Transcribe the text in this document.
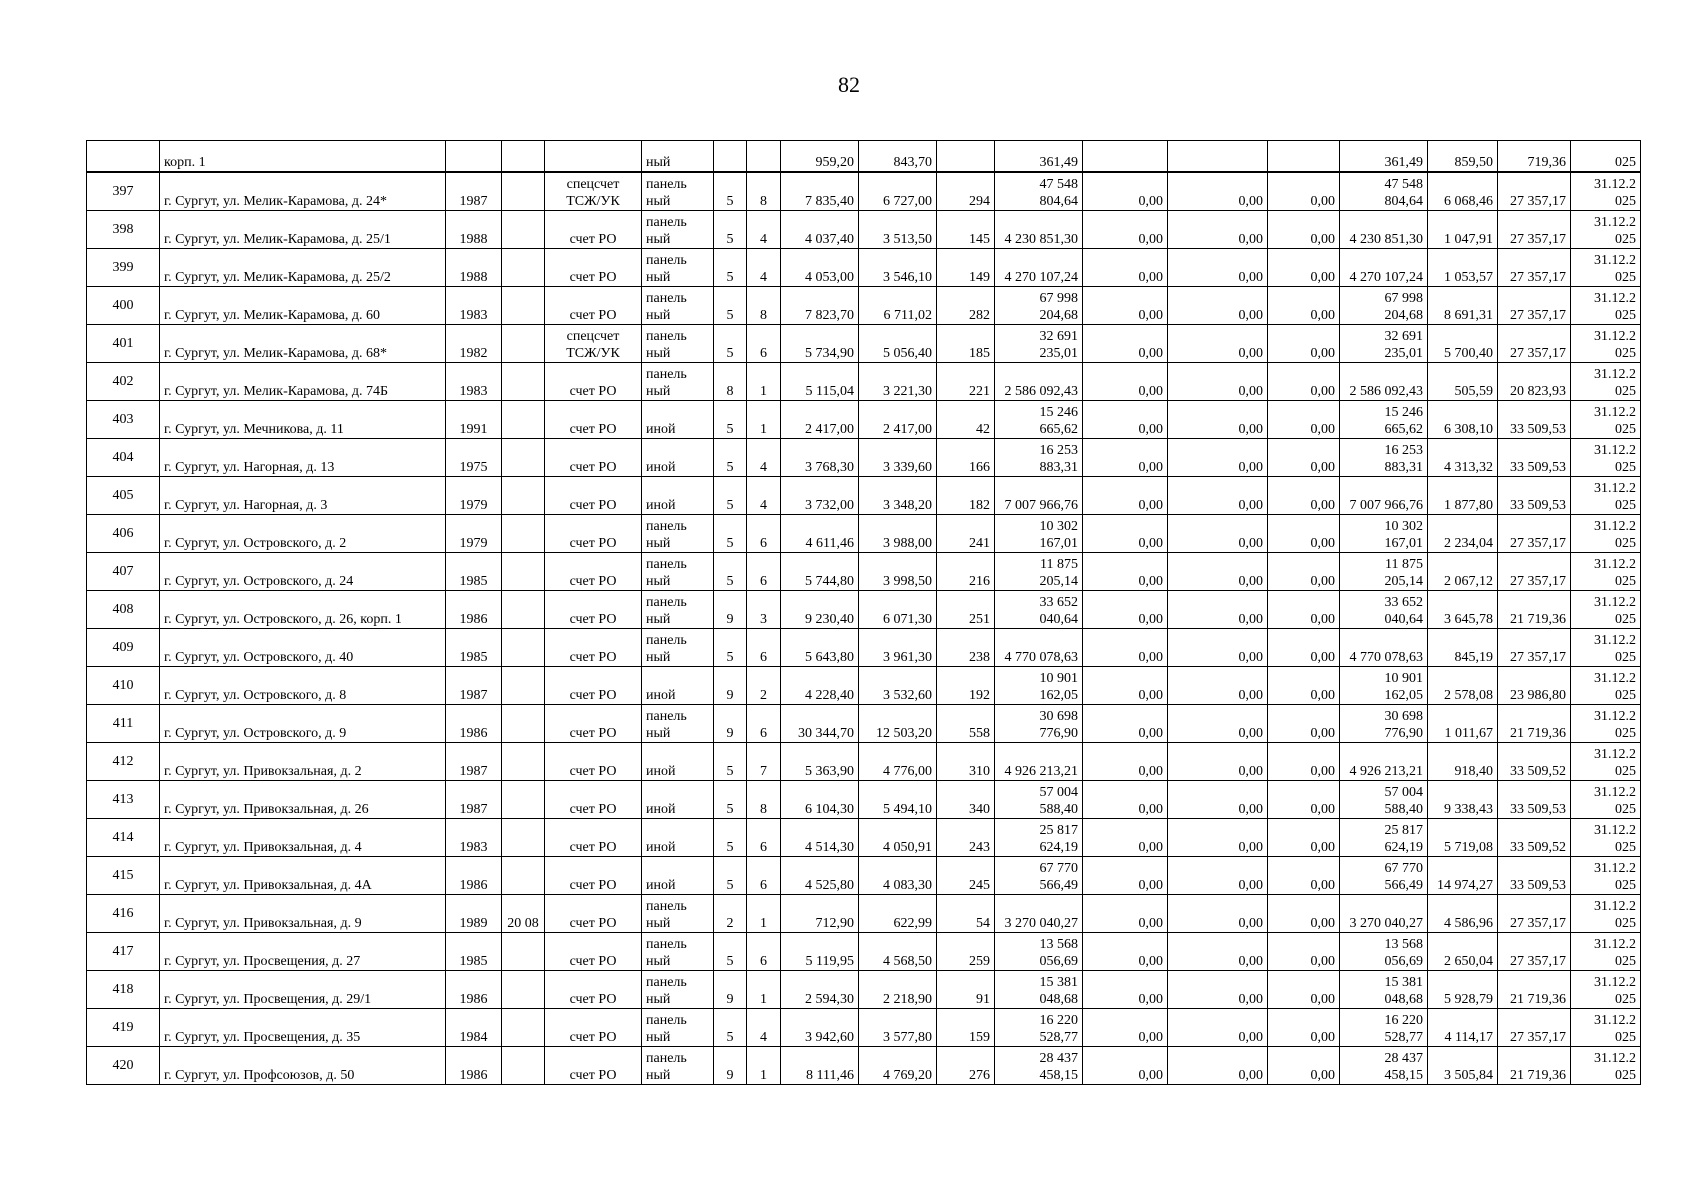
82
	корп. 1				ный			959,20	843,70		361,49				361,49	859,50	719,36	025
397	г. Сургут, ул. Мелик-Карамова, д. 24*	1987		спецсчет ТСЖ/УК	панель ный	5	8	7 835,40	6 727,00	294	47 548 804,64	0,00	0,00	0,00	47 548 804,64	6 068,46	27 357,17	31.12.2 025
398	г. Сургут, ул. Мелик-Карамова, д. 25/1	1988		счет РО	панель ный	5	4	4 037,40	3 513,50	145	4 230 851,30	0,00	0,00	0,00	4 230 851,30	1 047,91	27 357,17	31.12.2 025
399	г. Сургут, ул. Мелик-Карамова, д. 25/2	1988		счет РО	панель ный	5	4	4 053,00	3 546,10	149	4 270 107,24	0,00	0,00	0,00	4 270 107,24	1 053,57	27 357,17	31.12.2 025
400	г. Сургут, ул. Мелик-Карамова, д. 60	1983		счет РО	панель ный	5	8	7 823,70	6 711,02	282	67 998 204,68	0,00	0,00	0,00	67 998 204,68	8 691,31	27 357,17	31.12.2 025
401	г. Сургут, ул. Мелик-Карамова, д. 68*	1982		спецсчет ТСЖ/УК	панель ный	5	6	5 734,90	5 056,40	185	32 691 235,01	0,00	0,00	0,00	32 691 235,01	5 700,40	27 357,17	31.12.2 025
402	г. Сургут, ул. Мелик-Карамова, д. 74Б	1983		счет РО	панель ный	8	1	5 115,04	3 221,30	221	2 586 092,43	0,00	0,00	0,00	2 586 092,43	505,59	20 823,93	31.12.2 025
403	г. Сургут, ул. Мечникова, д. 11	1991		счет РО	иной	5	1	2 417,00	2 417,00	42	15 246 665,62	0,00	0,00	0,00	15 246 665,62	6 308,10	33 509,53	31.12.2 025
404	г. Сургут, ул. Нагорная, д. 13	1975		счет РО	иной	5	4	3 768,30	3 339,60	166	16 253 883,31	0,00	0,00	0,00	16 253 883,31	4 313,32	33 509,53	31.12.2 025
405	г. Сургут, ул. Нагорная, д. 3	1979		счет РО	иной	5	4	3 732,00	3 348,20	182	7 007 966,76	0,00	0,00	0,00	7 007 966,76	1 877,80	33 509,53	31.12.2 025
406	г. Сургут, ул. Островского, д. 2	1979		счет РО	панель ный	5	6	4 611,46	3 988,00	241	10 302 167,01	0,00	0,00	0,00	10 302 167,01	2 234,04	27 357,17	31.12.2 025
407	г. Сургут, ул. Островского, д. 24	1985		счет РО	панель ный	5	6	5 744,80	3 998,50	216	11 875 205,14	0,00	0,00	0,00	11 875 205,14	2 067,12	27 357,17	31.12.2 025
408	г. Сургут, ул. Островского, д. 26, корп. 1	1986		счет РО	панель ный	9	3	9 230,40	6 071,30	251	33 652 040,64	0,00	0,00	0,00	33 652 040,64	3 645,78	21 719,36	31.12.2 025
409	г. Сургут, ул. Островского, д. 40	1985		счет РО	панель ный	5	6	5 643,80	3 961,30	238	4 770 078,63	0,00	0,00	0,00	4 770 078,63	845,19	27 357,17	31.12.2 025
410	г. Сургут, ул. Островского, д. 8	1987		счет РО	иной	9	2	4 228,40	3 532,60	192	10 901 162,05	0,00	0,00	0,00	10 901 162,05	2 578,08	23 986,80	31.12.2 025
411	г. Сургут, ул. Островского, д. 9	1986		счет РО	панель ный	9	6	30 344,70	12 503,20	558	30 698 776,90	0,00	0,00	0,00	30 698 776,90	1 011,67	21 719,36	31.12.2 025
412	г. Сургут, ул. Привокзальная, д. 2	1987		счет РО	иной	5	7	5 363,90	4 776,00	310	4 926 213,21	0,00	0,00	0,00	4 926 213,21	918,40	33 509,52	31.12.2 025
413	г. Сургут, ул. Привокзальная, д. 26	1987		счет РО	иной	5	8	6 104,30	5 494,10	340	57 004 588,40	0,00	0,00	0,00	57 004 588,40	9 338,43	33 509,53	31.12.2 025
414	г. Сургут, ул. Привокзальная, д. 4	1983		счет РО	иной	5	6	4 514,30	4 050,91	243	25 817 624,19	0,00	0,00	0,00	25 817 624,19	5 719,08	33 509,52	31.12.2 025
415	г. Сургут, ул. Привокзальная, д. 4А	1986		счет РО	иной	5	6	4 525,80	4 083,30	245	67 770 566,49	0,00	0,00	0,00	67 770 566,49	14 974,27	33 509,53	31.12.2 025
416	г. Сургут, ул. Привокзальная, д. 9	1989	20 08	счет РО	панель ный	2	1	712,90	622,99	54	3 270 040,27	0,00	0,00	0,00	3 270 040,27	4 586,96	27 357,17	31.12.2 025
417	г. Сургут, ул. Просвещения, д. 27	1985		счет РО	панель ный	5	6	5 119,95	4 568,50	259	13 568 056,69	0,00	0,00	0,00	13 568 056,69	2 650,04	27 357,17	31.12.2 025
418	г. Сургут, ул. Просвещения, д. 29/1	1986		счет РО	панель ный	9	1	2 594,30	2 218,90	91	15 381 048,68	0,00	0,00	0,00	15 381 048,68	5 928,79	21 719,36	31.12.2 025
419	г. Сургут, ул. Просвещения, д. 35	1984		счет РО	панель ный	5	4	3 942,60	3 577,80	159	16 220 528,77	0,00	0,00	0,00	16 220 528,77	4 114,17	27 357,17	31.12.2 025
420	г. Сургут, ул. Профсоюзов, д. 50	1986		счет РО	панель ный	9	1	8 111,46	4 769,20	276	28 437 458,15	0,00	0,00	0,00	28 437 458,15	3 505,84	21 719,36	31.12.2 025
